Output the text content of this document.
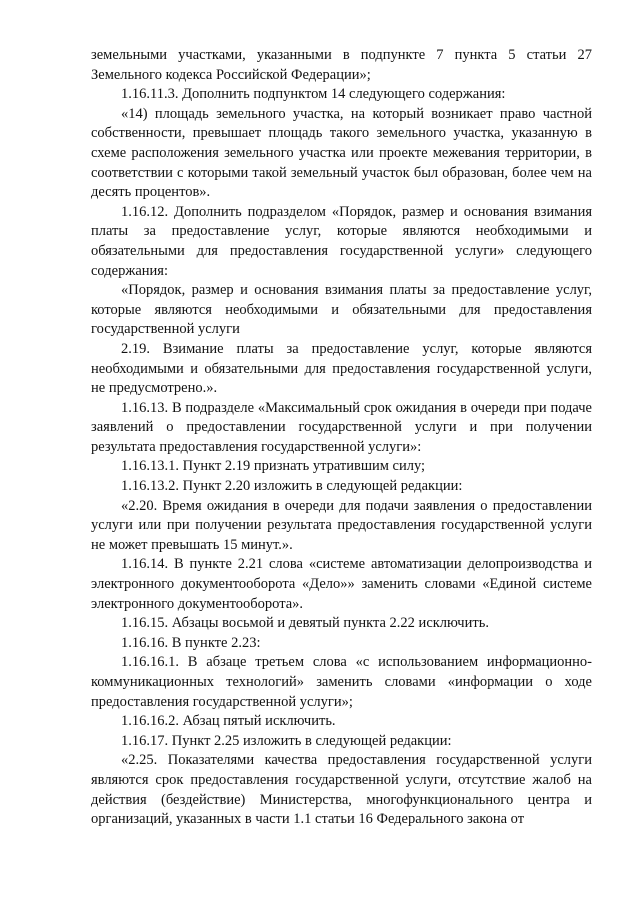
земельными участками, указанными в подпункте 7 пункта 5 статьи 27 Земельного кодекса Российской Федерации»;

1.16.11.3. Дополнить подпунктом 14 следующего содержания:

«14) площадь земельного участка, на который возникает право частной собственности, превышает площадь такого земельного участка, указанную в схеме расположения земельного участка или проекте межевания территории, в соответствии с которыми такой земельный участок был образован, более чем на десять процентов».

1.16.12. Дополнить подразделом «Порядок, размер и основания взимания платы за предоставление услуг, которые являются необходимыми и обязательными для предоставления государственной услуги» следующего содержания:

«Порядок, размер и основания взимания платы за предоставление услуг, которые являются необходимыми и обязательными для предоставления государственной услуги

2.19. Взимание платы за предоставление услуг, которые являются необходимыми и обязательными для предоставления государственной услуги, не предусмотрено.».

1.16.13. В подразделе «Максимальный срок ожидания в очереди при подаче заявлений о предоставлении государственной услуги и при получении результата предоставления государственной услуги»:

1.16.13.1. Пункт 2.19 признать утратившим силу;

1.16.13.2. Пункт 2.20 изложить в следующей редакции:

«2.20. Время ожидания в очереди для подачи заявления о предоставлении услуги или при получении результата предоставления государственной услуги не может превышать 15 минут.».

1.16.14. В пункте 2.21 слова «системе автоматизации делопроизводства и электронного документооборота «Дело»» заменить словами «Единой системе электронного документооборота».

1.16.15. Абзацы восьмой и девятый пункта 2.22 исключить.

1.16.16. В пункте 2.23:

1.16.16.1. В абзаце третьем слова «с использованием информационно-коммуникационных технологий» заменить словами «информации о ходе предоставления государственной услуги»;

1.16.16.2. Абзац пятый исключить.

1.16.17. Пункт 2.25 изложить в следующей редакции:

«2.25. Показателями качества предоставления государственной услуги являются срок предоставления государственной услуги, отсутствие жалоб на действия (бездействие) Министерства, многофункционального центра и организаций, указанных в части 1.1 статьи 16 Федерального закона от
